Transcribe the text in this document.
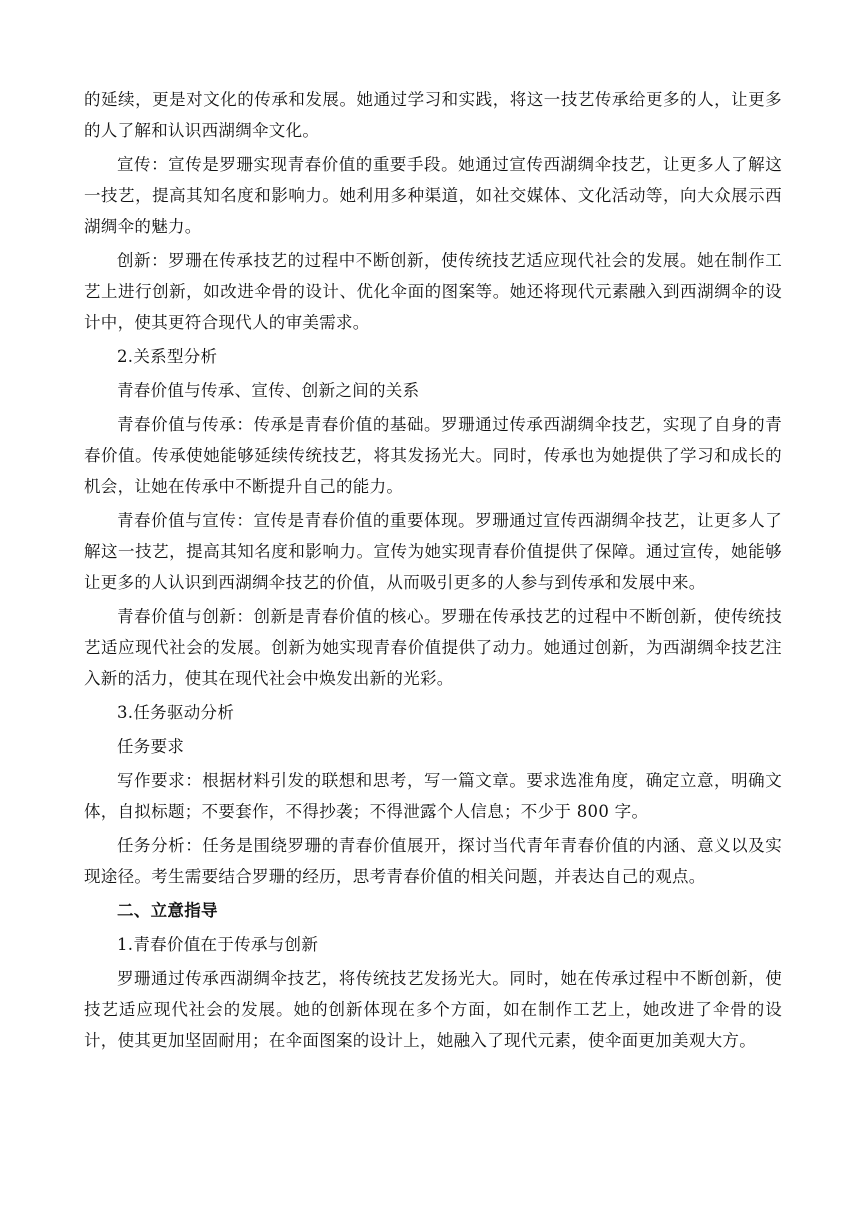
的延续，更是对文化的传承和发展。她通过学习和实践，将这一技艺传承给更多的人，让更多的人了解和认识西湖绸伞文化。

宣传：宣传是罗珊实现青春价值的重要手段。她通过宣传西湖绸伞技艺，让更多人了解这一技艺，提高其知名度和影响力。她利用多种渠道，如社交媒体、文化活动等，向大众展示西湖绸伞的魅力。

创新：罗珊在传承技艺的过程中不断创新，使传统技艺适应现代社会的发展。她在制作工艺上进行创新，如改进伞骨的设计、优化伞面的图案等。她还将现代元素融入到西湖绸伞的设计中，使其更符合现代人的审美需求。

2.关系型分析

青春价值与传承、宣传、创新之间的关系

青春价值与传承：传承是青春价值的基础。罗珊通过传承西湖绸伞技艺，实现了自身的青春价值。传承使她能够延续传统技艺，将其发扬光大。同时，传承也为她提供了学习和成长的机会，让她在传承中不断提升自己的能力。

青春价值与宣传：宣传是青春价值的重要体现。罗珊通过宣传西湖绸伞技艺，让更多人了解这一技艺，提高其知名度和影响力。宣传为她实现青春价值提供了保障。通过宣传，她能够让更多的人认识到西湖绸伞技艺的价值，从而吸引更多的人参与到传承和发展中来。

青春价值与创新：创新是青春价值的核心。罗珊在传承技艺的过程中不断创新，使传统技艺适应现代社会的发展。创新为她实现青春价值提供了动力。她通过创新，为西湖绸伞技艺注入新的活力，使其在现代社会中焕发出新的光彩。

3.任务驱动分析

任务要求

写作要求：根据材料引发的联想和思考，写一篇文章。要求选准角度，确定立意，明确文体，自拟标题；不要套作，不得抄袭；不得泄露个人信息；不少于 800 字。

任务分析：任务是围绕罗珊的青春价值展开，探讨当代青年青春价值的内涵、意义以及实现途径。考生需要结合罗珊的经历，思考青春价值的相关问题，并表达自己的观点。

二、立意指导

1.青春价值在于传承与创新

罗珊通过传承西湖绸伞技艺，将传统技艺发扬光大。同时，她在传承过程中不断创新，使技艺适应现代社会的发展。她的创新体现在多个方面，如在制作工艺上，她改进了伞骨的设计，使其更加坚固耐用；在伞面图案的设计上，她融入了现代元素，使伞面更加美观大方。
